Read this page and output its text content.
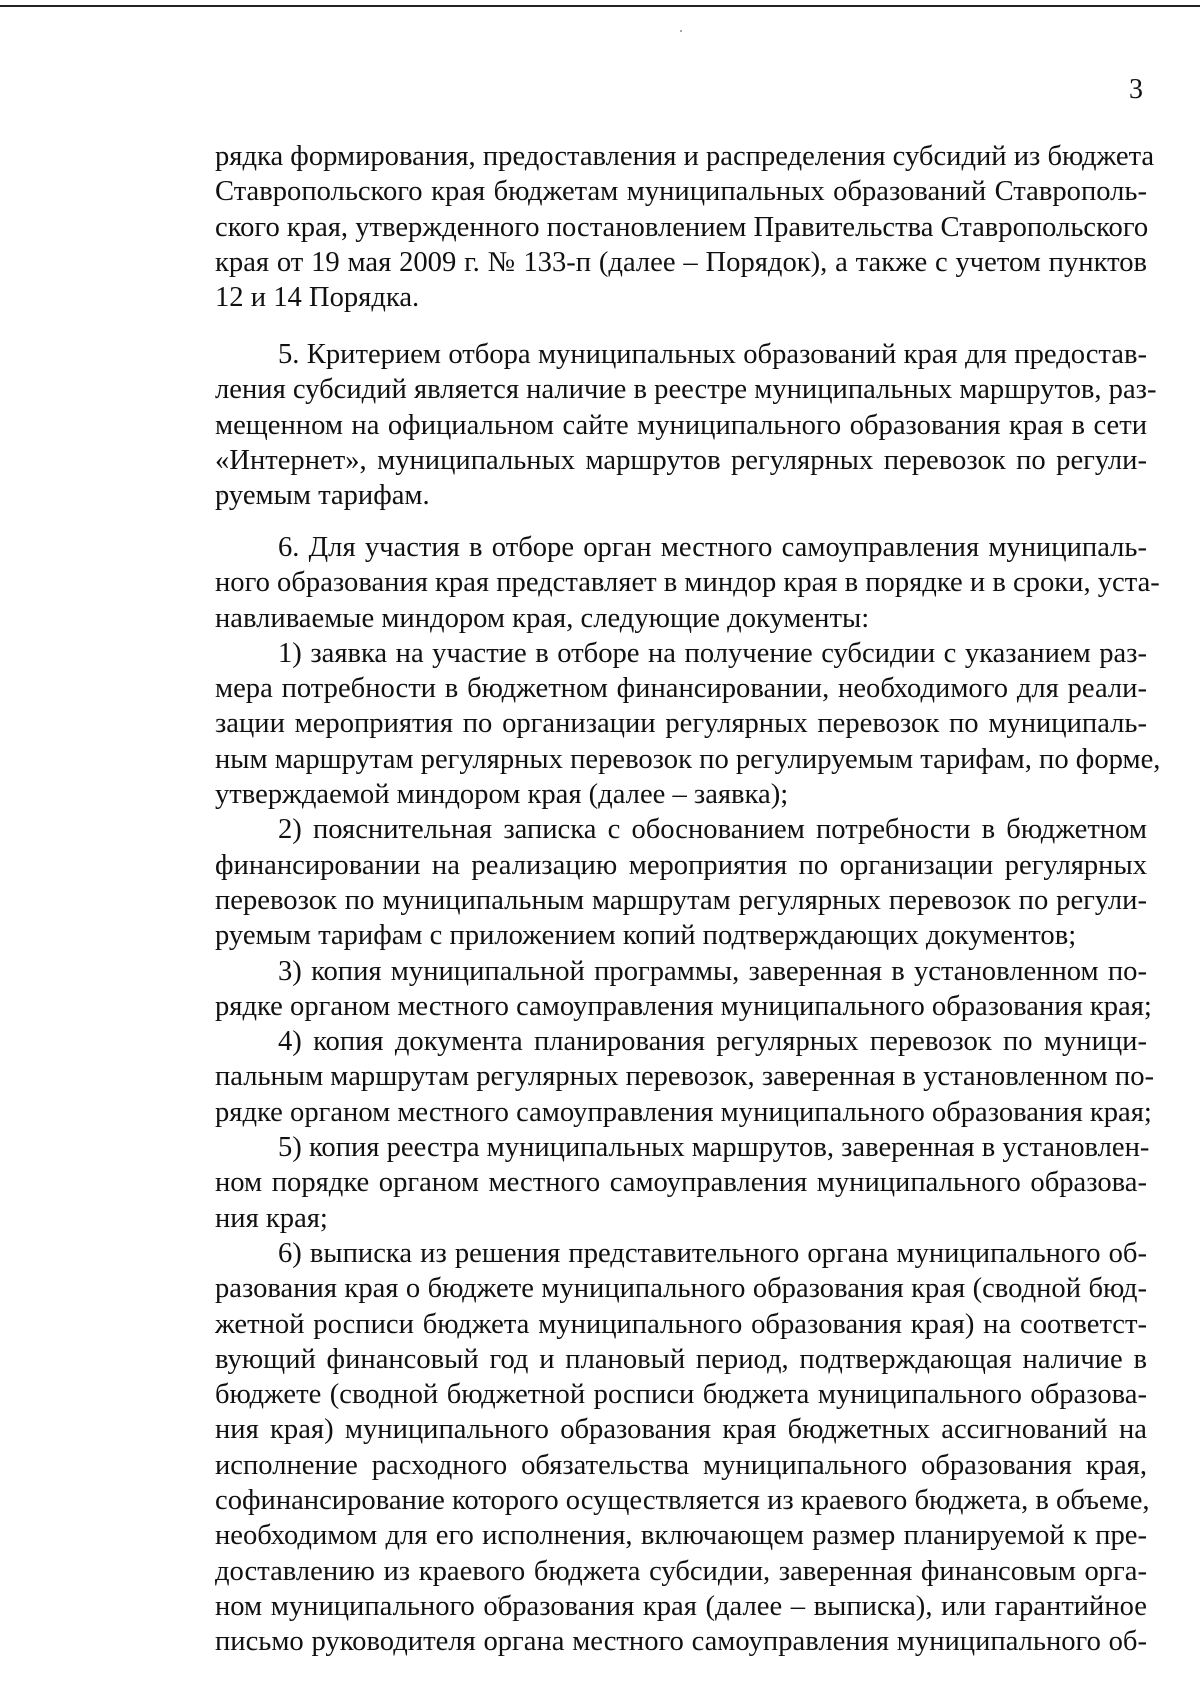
3
рядка формирования, предоставления и распределения субсидий из бюджета
Ставропольского края бюджетам муниципальных образований Ставрополь-
ского края, утвержденного постановлением Правительства Ставропольского
края от 19 мая 2009 г. № 133-п (далее – Порядок), а также с учетом пунктов
12 и 14 Порядка.
5. Критерием отбора муниципальных образований края для предостав-
ления субсидий является наличие в реестре муниципальных маршрутов, раз-
мещенном на официальном сайте муниципального образования края в сети
«Интернет», муниципальных маршрутов регулярных перевозок по регули-
руемым тарифам.
6. Для участия в отборе орган местного самоуправления муниципаль-
ного образования края представляет в миндор края в порядке и в сроки, уста-
навливаемые миндором края, следующие документы:
1) заявка на участие в отборе на получение субсидии с указанием раз-
мера потребности в бюджетном финансировании, необходимого для реали-
зации мероприятия по организации регулярных перевозок по муниципаль-
ным маршрутам регулярных перевозок по регулируемым тарифам, по форме,
утверждаемой миндором края (далее – заявка);
2) пояснительная записка с обоснованием потребности в бюджетном
финансировании на реализацию мероприятия по организации регулярных
перевозок по муниципальным маршрутам регулярных перевозок по регули-
руемым тарифам с приложением копий подтверждающих документов;
3) копия муниципальной программы, заверенная в установленном по-
рядке органом местного самоуправления муниципального образования края;
4) копия документа планирования регулярных перевозок по муници-
пальным маршрутам регулярных перевозок, заверенная в установленном по-
рядке органом местного самоуправления муниципального образования края;
5) копия реестра муниципальных маршрутов, заверенная в установлен-
ном порядке органом местного самоуправления муниципального образова-
ния края;
6) выписка из решения представительного органа муниципального об-
разования края о бюджете муниципального образования края (сводной бюд-
жетной росписи бюджета муниципального образования края) на соответст-
вующий финансовый год и плановый период, подтверждающая наличие в
бюджете (сводной бюджетной росписи бюджета муниципального образова-
ния края) муниципального образования края бюджетных ассигнований на
исполнение расходного обязательства муниципального образования края,
софинансирование которого осуществляется из краевого бюджета, в объеме,
необходимом для его исполнения, включающем размер планируемой к пре-
доставлению из краевого бюджета субсидии, заверенная финансовым орга-
ном муниципального образования края (далее – выписка), или гарантийное
письмо руководителя органа местного самоуправления муниципального об-
